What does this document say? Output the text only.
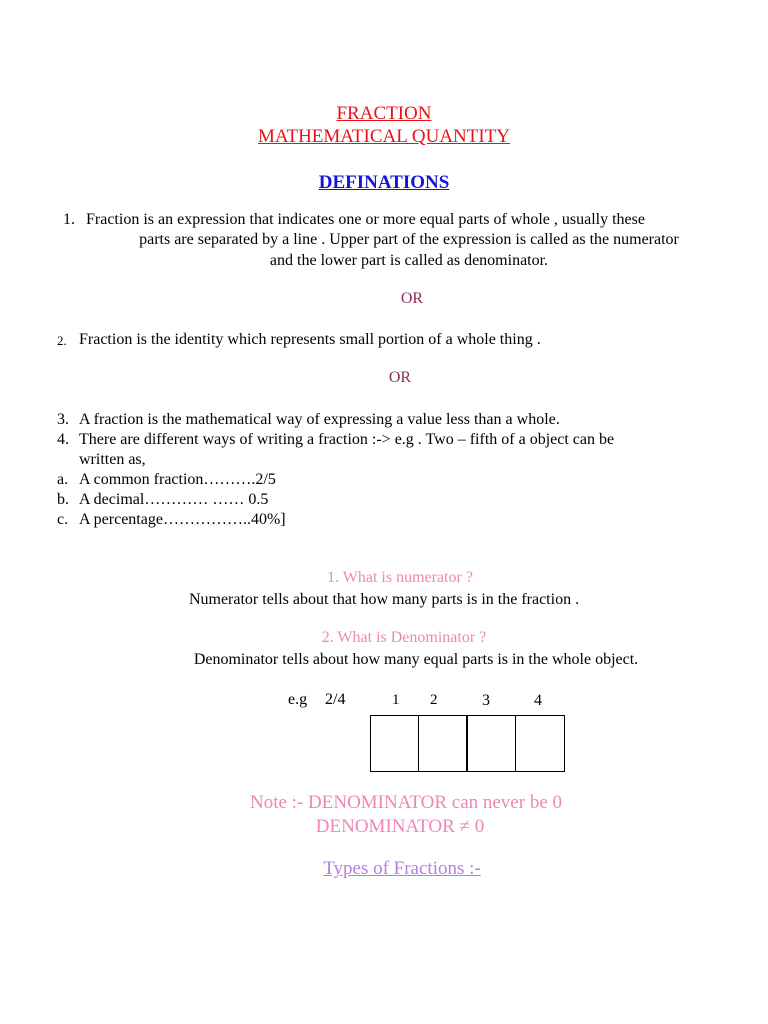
FRACTION
MATHEMATICAL QUANTITY
DEFINATIONS
1. Fraction is an expression that indicates one or more equal parts of whole , usually these
parts are separated by a line . Upper part of the expression is called as the numerator
and the lower part is called as denominator.
OR
2. Fraction is the identity which represents small portion of a whole thing .
OR
3. A fraction is the mathematical way of expressing a value less than a whole.
4. There are different ways of writing a fraction :-> e.g . Two – fifth of a object can be
written as,
a. A common fraction……….2/5
b. A decimal………… …… 0.5
c. A percentage……………..40%]
1. What is numerator ?
Numerator tells about that how many parts is in the fraction .
2. What is Denominator ?
Denominator tells about how many equal parts is in the whole object.
e.g 2/4	1 2	3	4
Note :- DENOMINATOR can never be 0
DENOMINATOR ≠ 0
Types of Fractions :-
